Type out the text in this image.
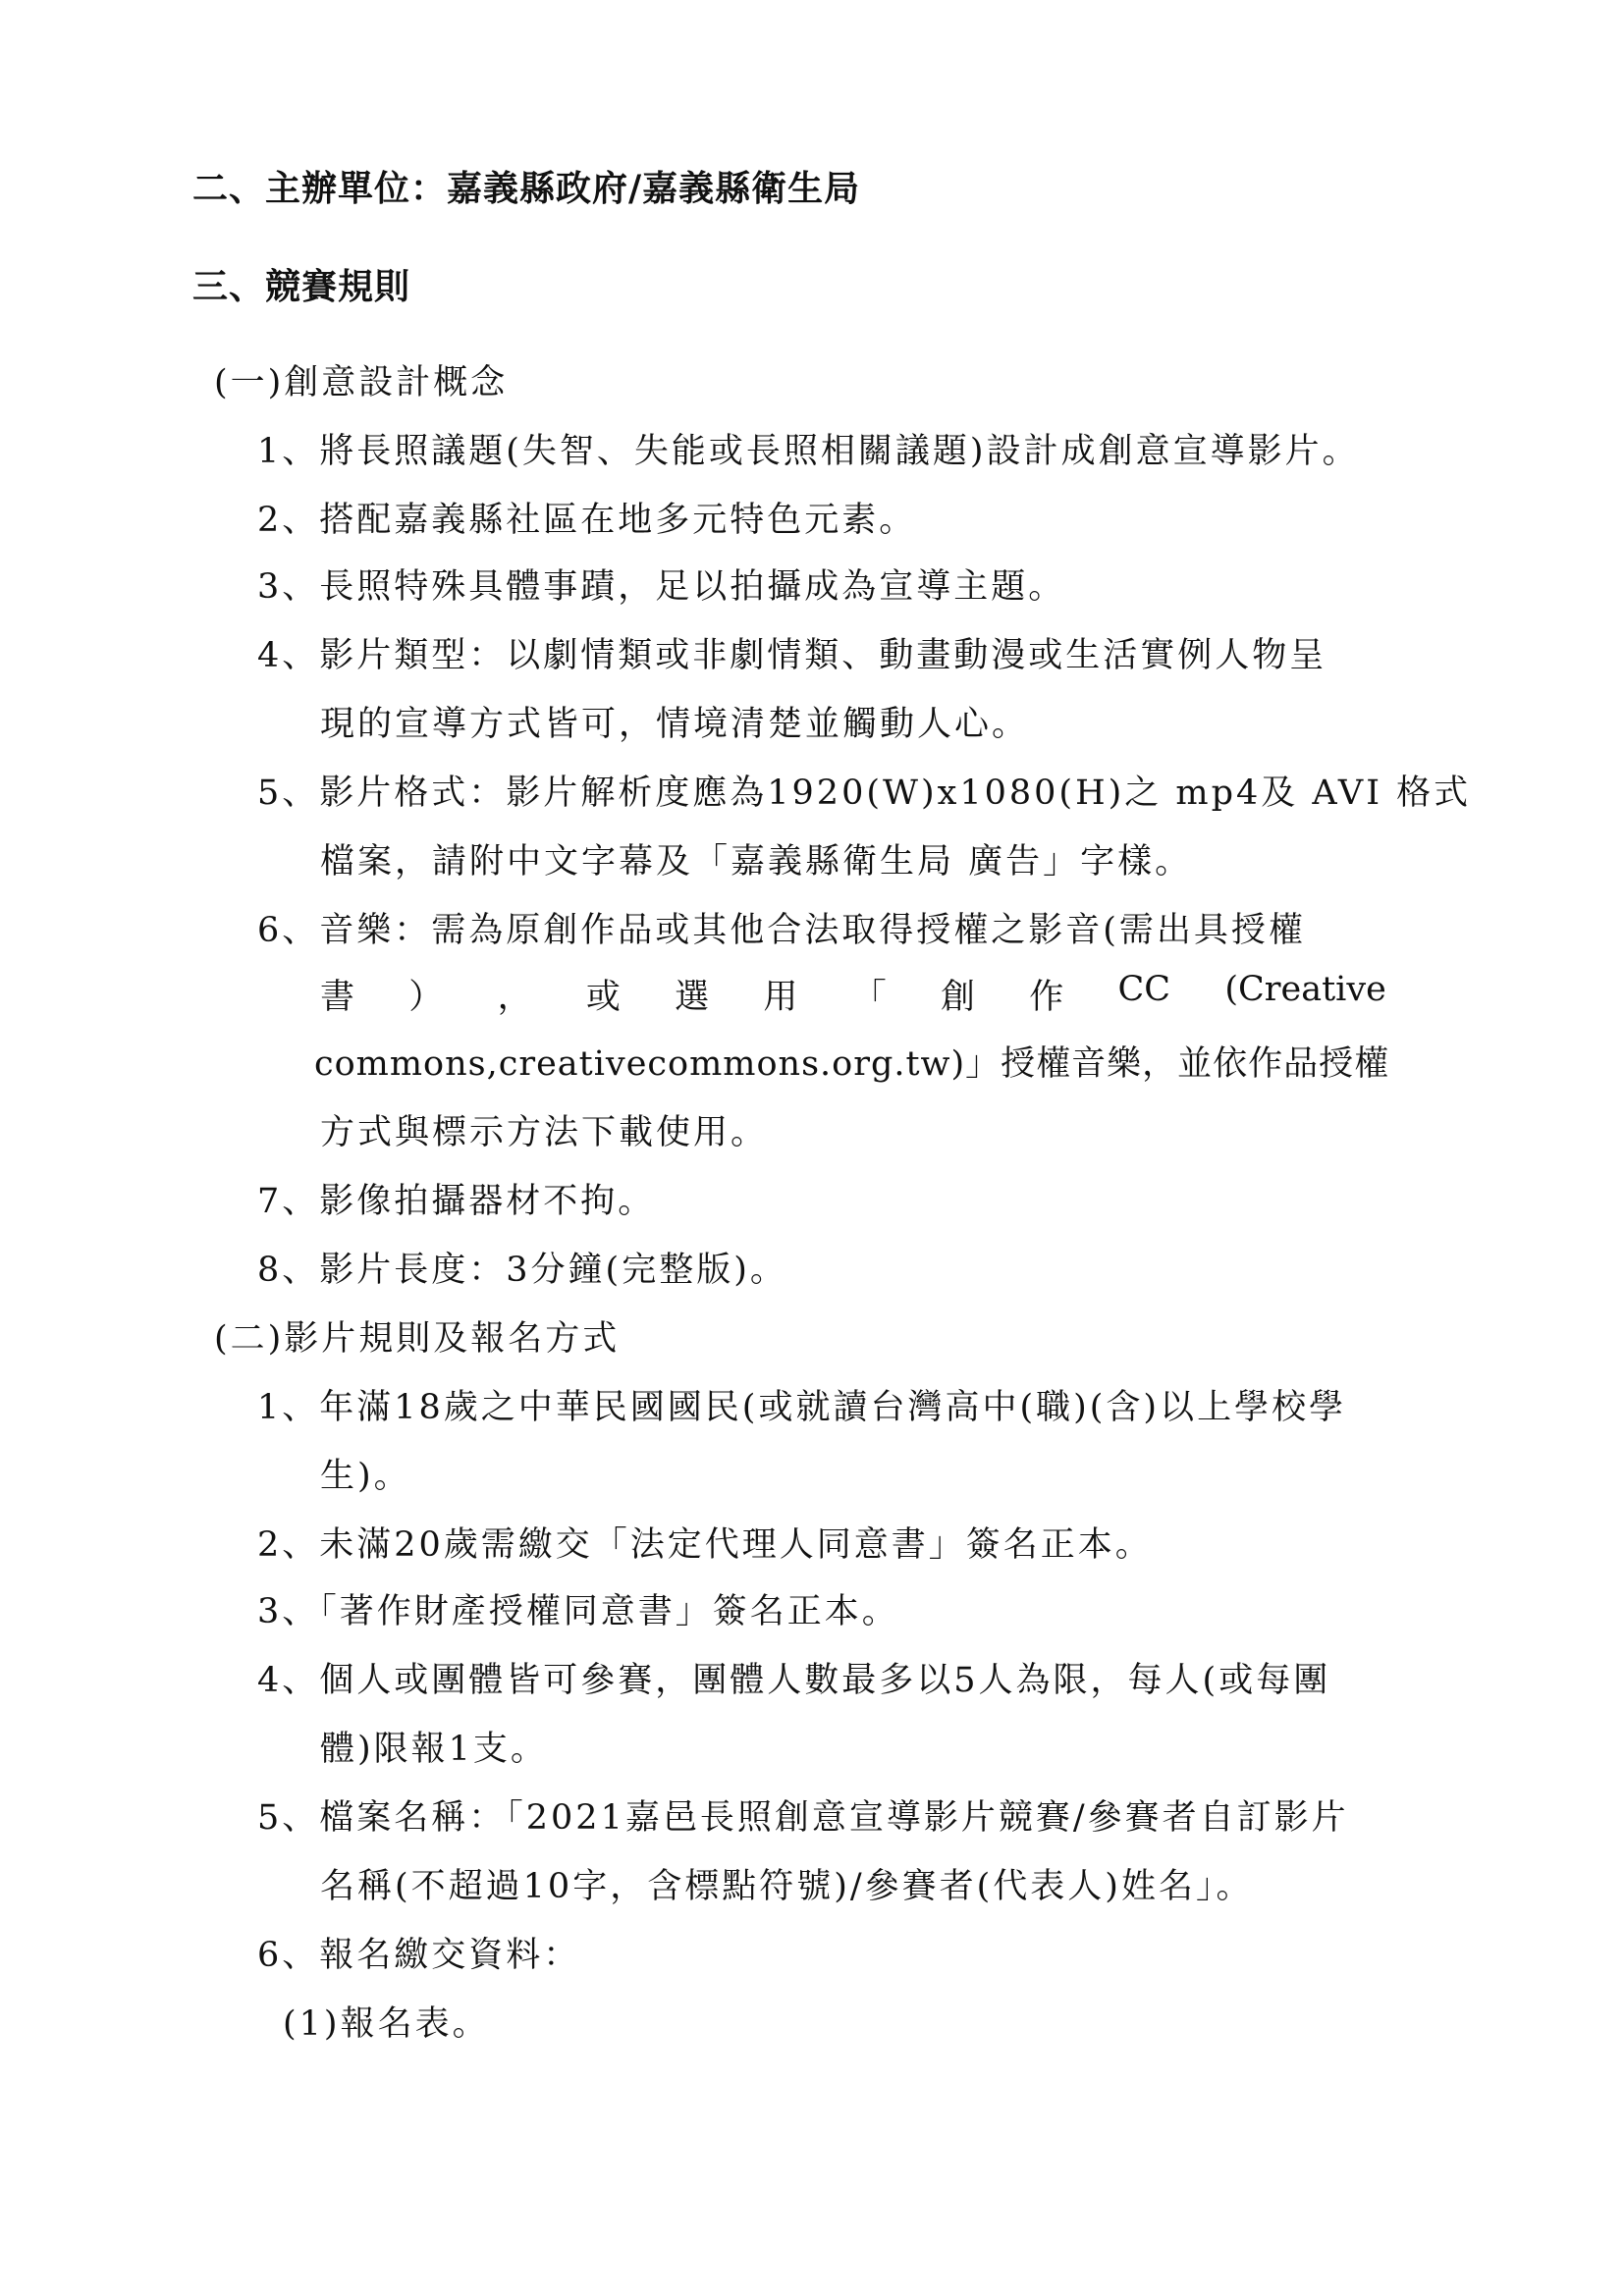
二、主辦單位：嘉義縣政府/嘉義縣衛生局
三、競賽規則
(一)創意設計概念
1、將長照議題(失智、失能或長照相關議題)設計成創意宣導影片。
2、搭配嘉義縣社區在地多元特色元素。
3、長照特殊具體事蹟，足以拍攝成為宣導主題。
4、影片類型：以劇情類或非劇情類、動畫動漫或生活實例人物呈
現的宣導方式皆可，情境清楚並觸動人心。
5、影片格式：影片解析度應為1920(W)x1080(H)之 mp4及 AVI 格式
檔案，請附中文字幕及「嘉義縣衛生局 廣告」字樣。
6、音樂：需為原創作品或其他合法取得授權之影音(需出具授權
書 ） ， 或 選 用 「 創 作 CC (Creative
commons,creativecommons.org.tw)」授權音樂，並依作品授權
方式與標示方法下載使用。
7、影像拍攝器材不拘。
8、影片長度：3分鐘(完整版)。
(二)影片規則及報名方式
1、年滿18歲之中華民國國民(或就讀台灣高中(職)(含)以上學校學
生)。
2、未滿20歲需繳交「法定代理人同意書」簽名正本。
3、「著作財產授權同意書」簽名正本。
4、個人或團體皆可參賽，團體人數最多以5人為限，每人(或每團
體)限報1支。
5、檔案名稱：「2021嘉邑長照創意宣導影片競賽/參賽者自訂影片
名稱(不超過10字，含標點符號)/參賽者(代表人)姓名」。
6、報名繳交資料：
(1)報名表。
